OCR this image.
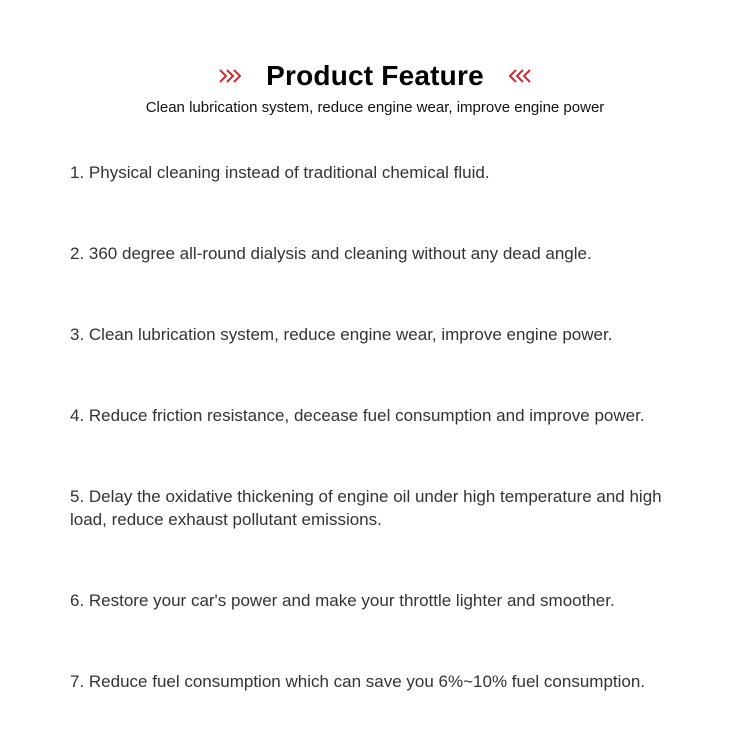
Product Feature
Clean lubrication system, reduce engine wear, improve engine power
1. Physical cleaning instead of traditional chemical fluid.
2. 360 degree all-round dialysis and cleaning without any dead angle.
3. Clean lubrication system, reduce engine wear, improve engine power.
4. Reduce friction resistance, decease fuel consumption and improve power.
5. Delay the oxidative thickening of engine oil under high temperature and high load, reduce exhaust pollutant emissions.
6. Restore your car's power and make your throttle lighter and smoother.
7. Reduce fuel consumption which can save you 6%~10% fuel consumption.
